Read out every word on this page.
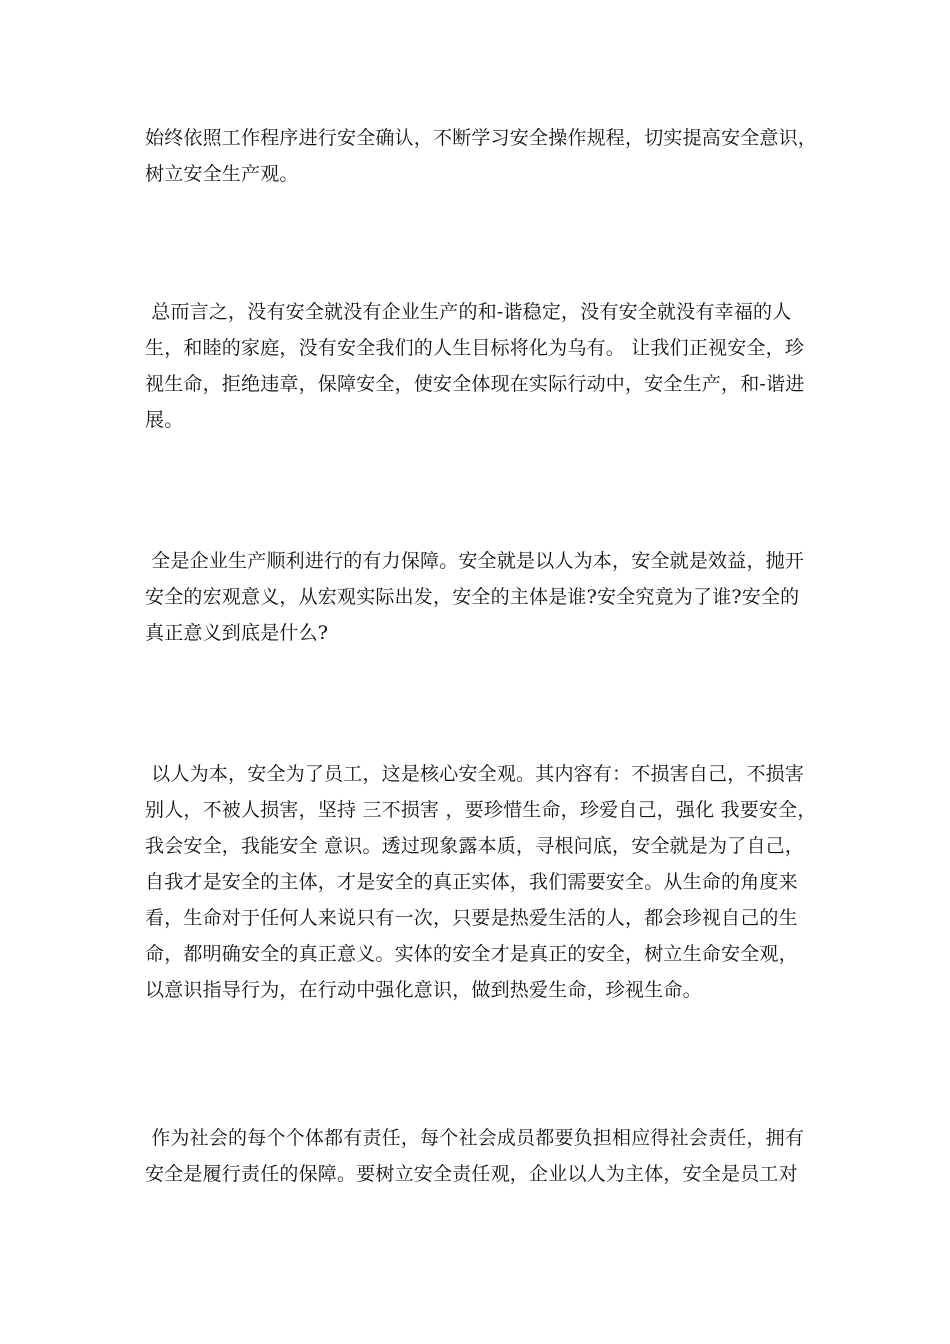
始终依照工作程序进行安全确认，不断学习安全操作规程，切实提高安全意识，
树立安全生产观。

总而言之，没有安全就没有企业生产的和-谐稳定，没有安全就没有幸福的人
生，和睦的家庭，没有安全我们的人生目标将化为乌有。 让我们正视安全，珍
视生命，拒绝违章，保障安全，使安全体现在实际行动中，安全生产，和-谐进
展。

全是企业生产顺利进行的有力保障。安全就是以人为本，安全就是效益，抛开
安全的宏观意义，从宏观实际出发，安全的主体是谁?安全究竟为了谁?安全的
真正意义到底是什么?

以人为本，安全为了员工，这是核心安全观。其内容有：不损害自己，不损害
别人，不被人损害，坚持 三不损害 ，要珍惜生命，珍爱自己，强化 我要安全，
我会安全，我能安全 意识。透过现象露本质，寻根问底，安全就是为了自己，
自我才是安全的主体，才是安全的真正实体，我们需要安全。从生命的角度来
看，生命对于任何人来说只有一次，只要是热爱生活的人，都会珍视自己的生
命，都明确安全的真正意义。实体的安全才是真正的安全，树立生命安全观，
以意识指导行为，在行动中强化意识，做到热爱生命，珍视生命。

作为社会的每个个体都有责任，每个社会成员都要负担相应得社会责任，拥有
安全是履行责任的保障。要树立安全责任观，企业以人为主体，安全是员工对
